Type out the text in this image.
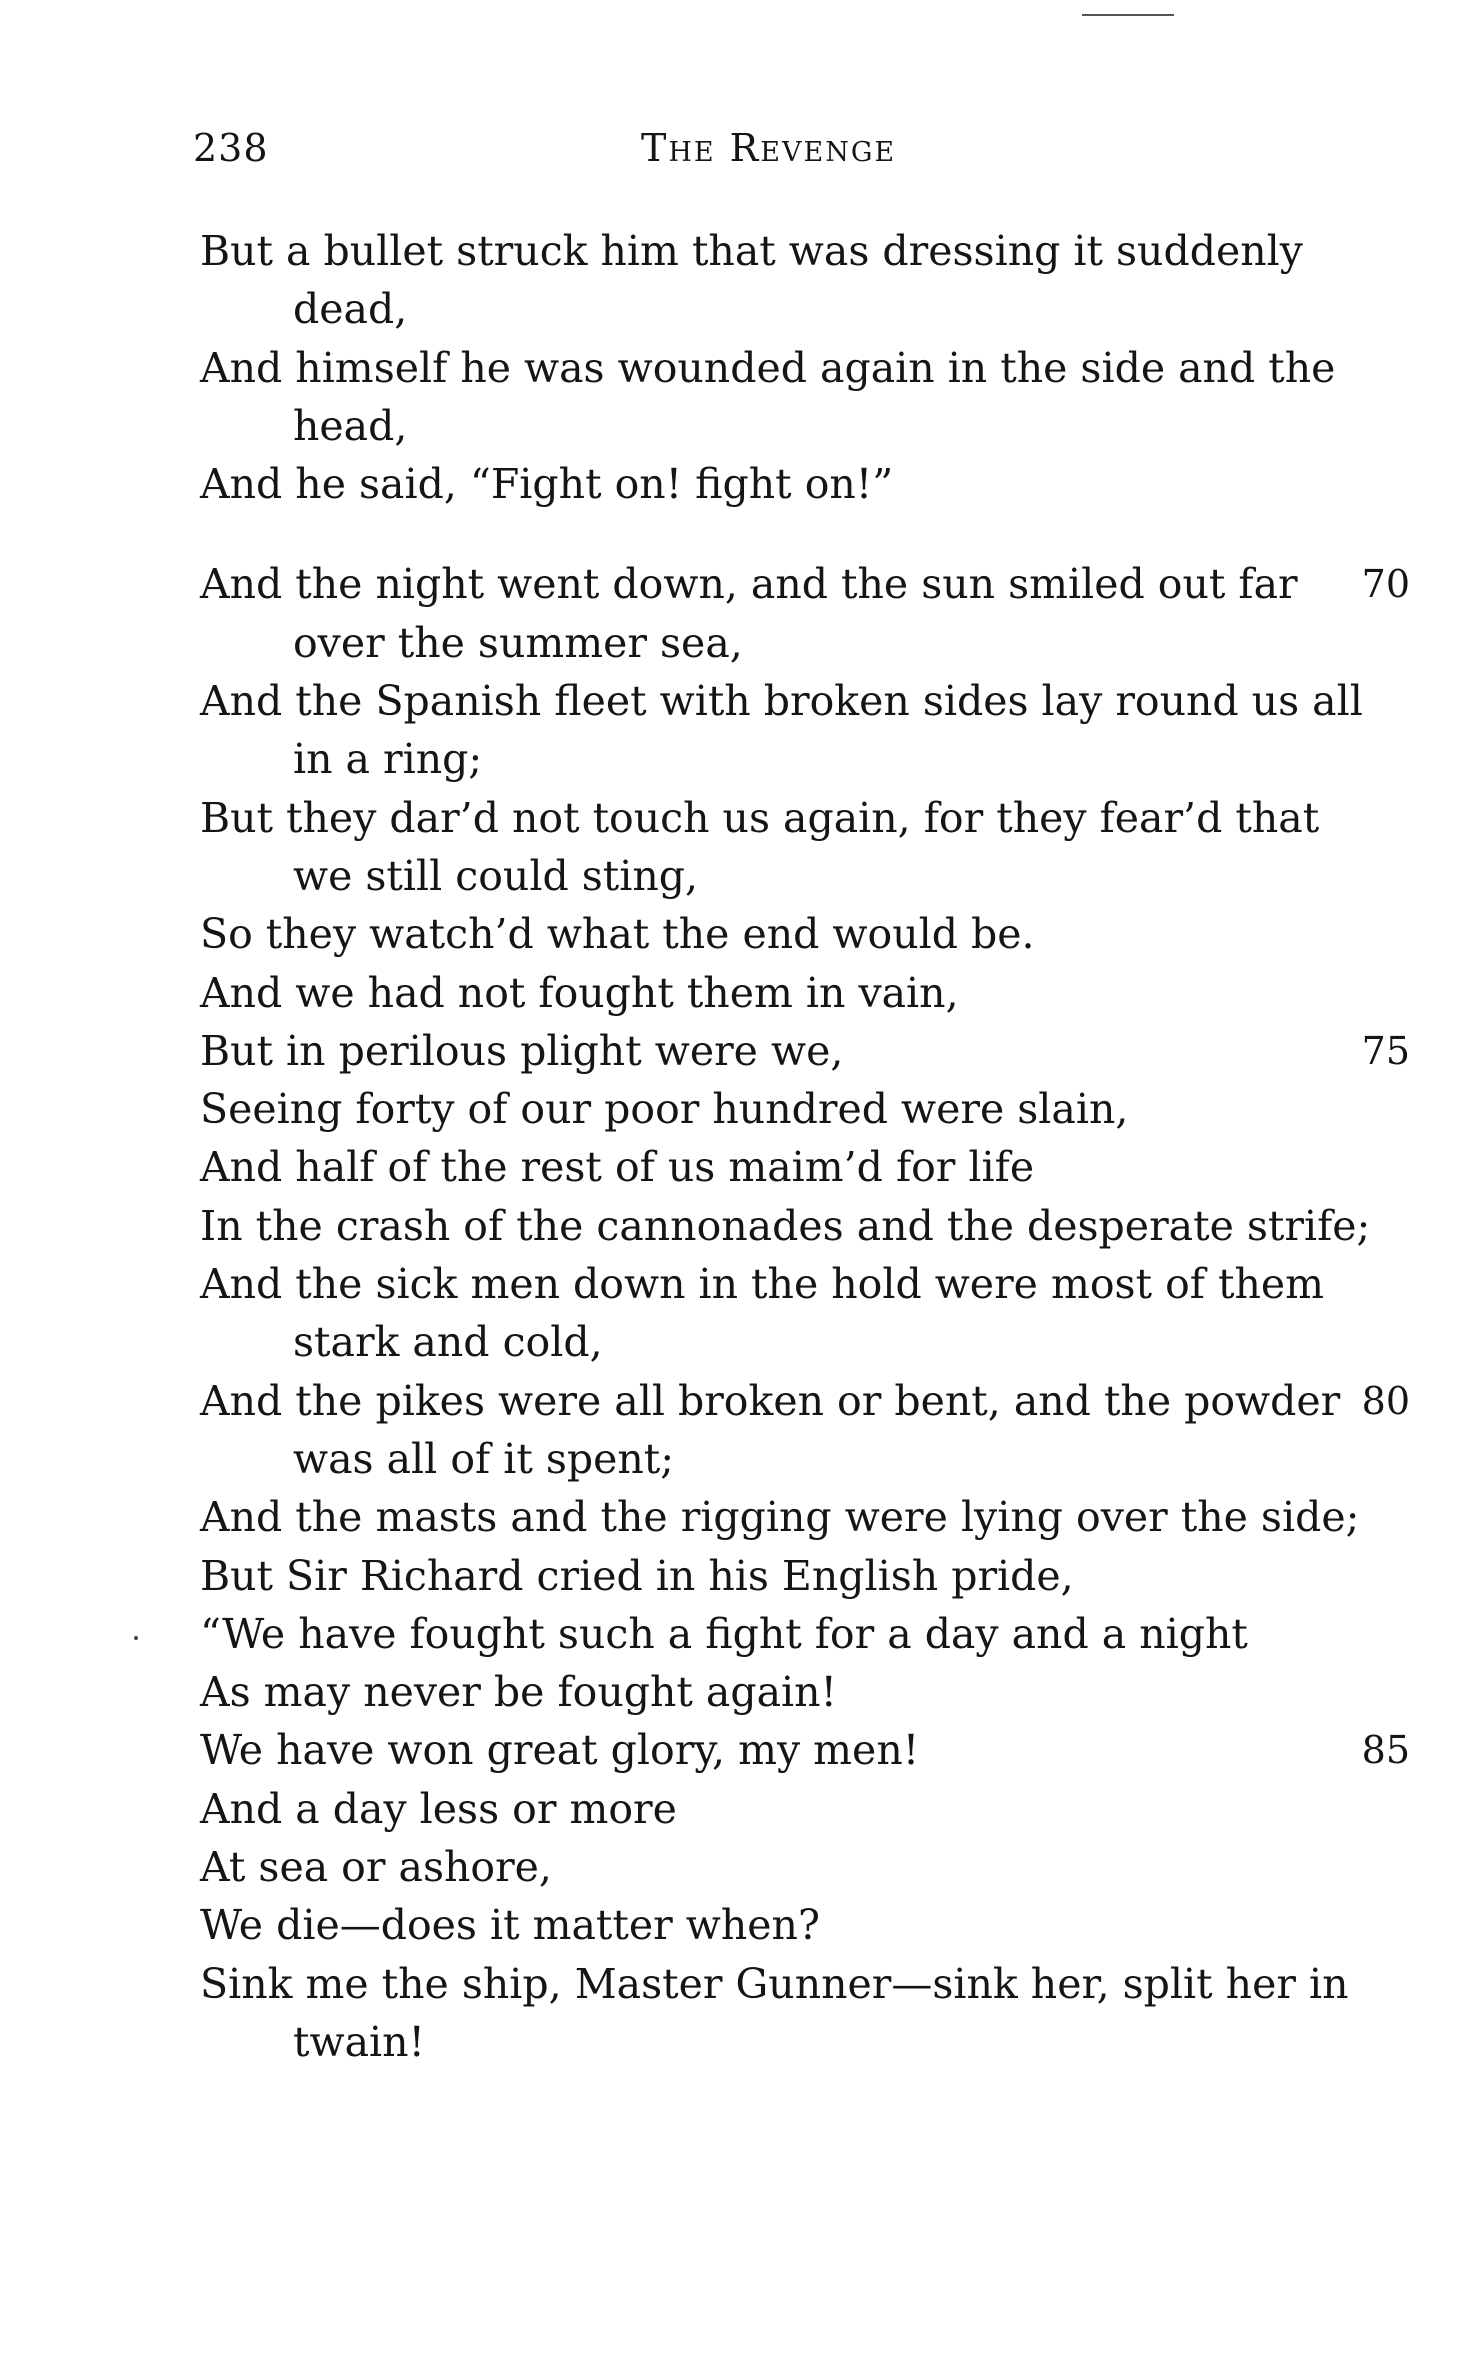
238	The Revenge
But a bullet struck him that was dressing it suddenly dead,
And himself he was wounded again in the side and the head,
And he said, “Fight on! fight on!”
And the night went down, and the sun smiled out far over the summer sea,
70
And the Spanish fleet with broken sides lay round us all in a ring;
But they dar’d not touch us again, for they fear’d that we still could sting,
So they watch’d what the end would be.
And we had not fought them in vain,
But in perilous plight were we,	75
Seeing forty of our poor hundred were slain,
And half of the rest of us maim’d for life
In the crash of the cannonades and the desperate strife;
And the sick men down in the hold were most of them stark and cold,
And the pikes were all broken or bent, and the powder was all of it spent;
80
And the masts and the rigging were lying over the side;
But Sir Richard cried in his English pride,
“We have fought such a fight for a day and a night
As may never be fought again!
We have won great glory, my men!	85
And a day less or more
At sea or ashore,
We die—does it matter when?
Sink me the ship, Master Gunner—sink her, split her in twain!
